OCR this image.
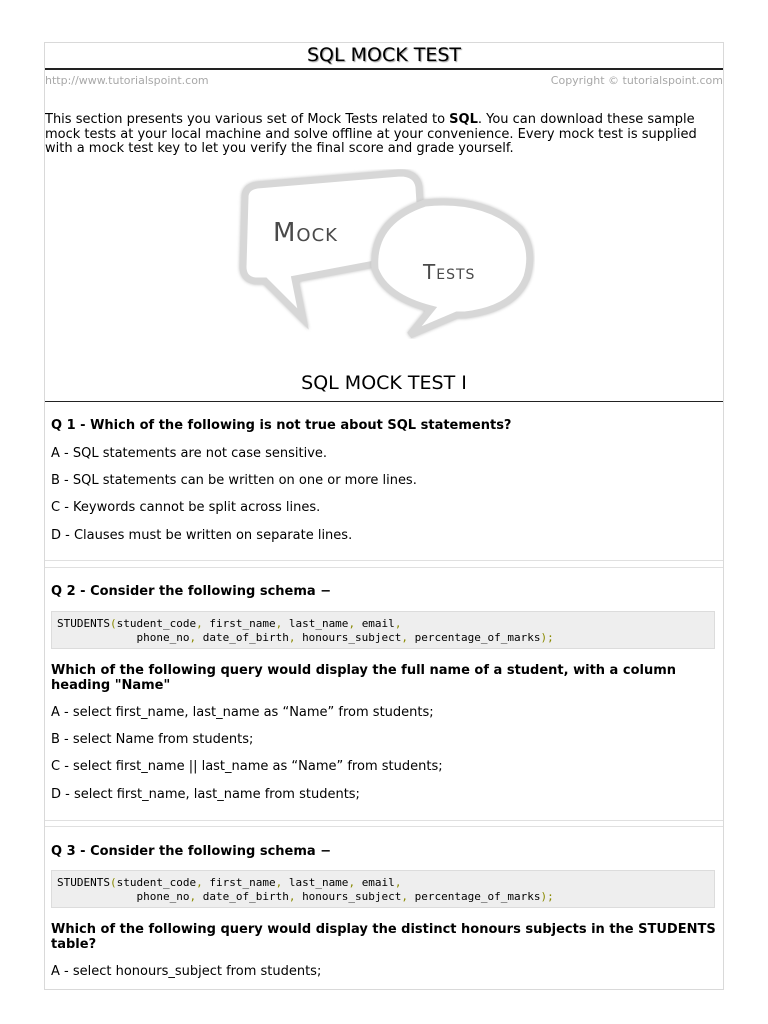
SQL MOCK TEST
http://www.tutorialspoint.com	Copyright © tutorialspoint.com
This section presents you various set of Mock Tests related to SQL. You can download these sample mock tests at your local machine and solve offline at your convenience. Every mock test is supplied with a mock test key to let you verify the final score and grade yourself.
Mock
Tests
SQL MOCK TEST I
Q 1 - Which of the following is not true about SQL statements?
A - SQL statements are not case sensitive.
B - SQL statements can be written on one or more lines.
C - Keywords cannot be split across lines.
D - Clauses must be written on separate lines.
Q 2 - Consider the following schema −
STUDENTS(student_code, first_name, last_name, email,
phone_no, date_of_birth, honours_subject, percentage_of_marks);
Which of the following query would display the full name of a student, with a column heading "Name"
A - select first_name, last_name as “Name” from students;
B - select Name from students;
C - select first_name || last_name as “Name” from students;
D - select first_name, last_name from students;
Q 3 - Consider the following schema −
STUDENTS(student_code, first_name, last_name, email,
phone_no, date_of_birth, honours_subject, percentage_of_marks);
Which of the following query would display the distinct honours subjects in the STUDENTS table?
A - select honours_subject from students;
